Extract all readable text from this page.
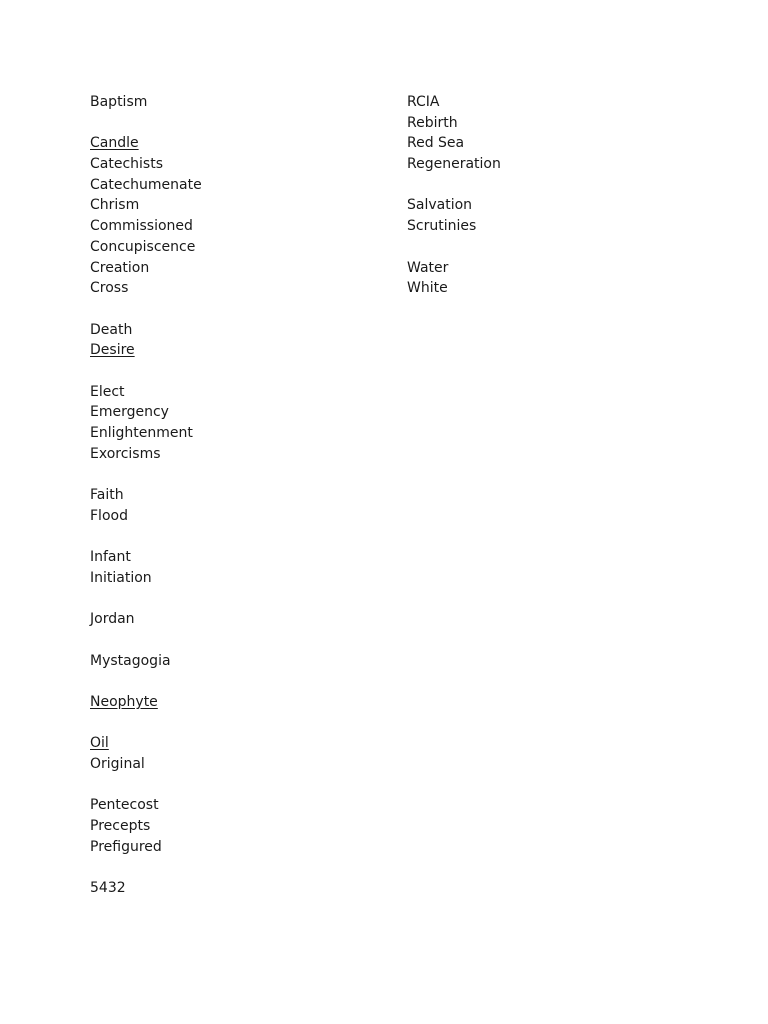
Baptism
Candle
Catechists
Catechumenate
Chrism
Commissioned
Concupiscence
Creation
Cross
Death
Desire
Elect
Emergency
Enlightenment
Exorcisms
Faith
Flood
Infant
Initiation
Jordan
Mystagogia
Neophyte
Oil
Original
Pentecost
Precepts
Prefigured
5432
RCIA
Rebirth
Red Sea
Regeneration
Salvation
Scrutinies
Water
White
